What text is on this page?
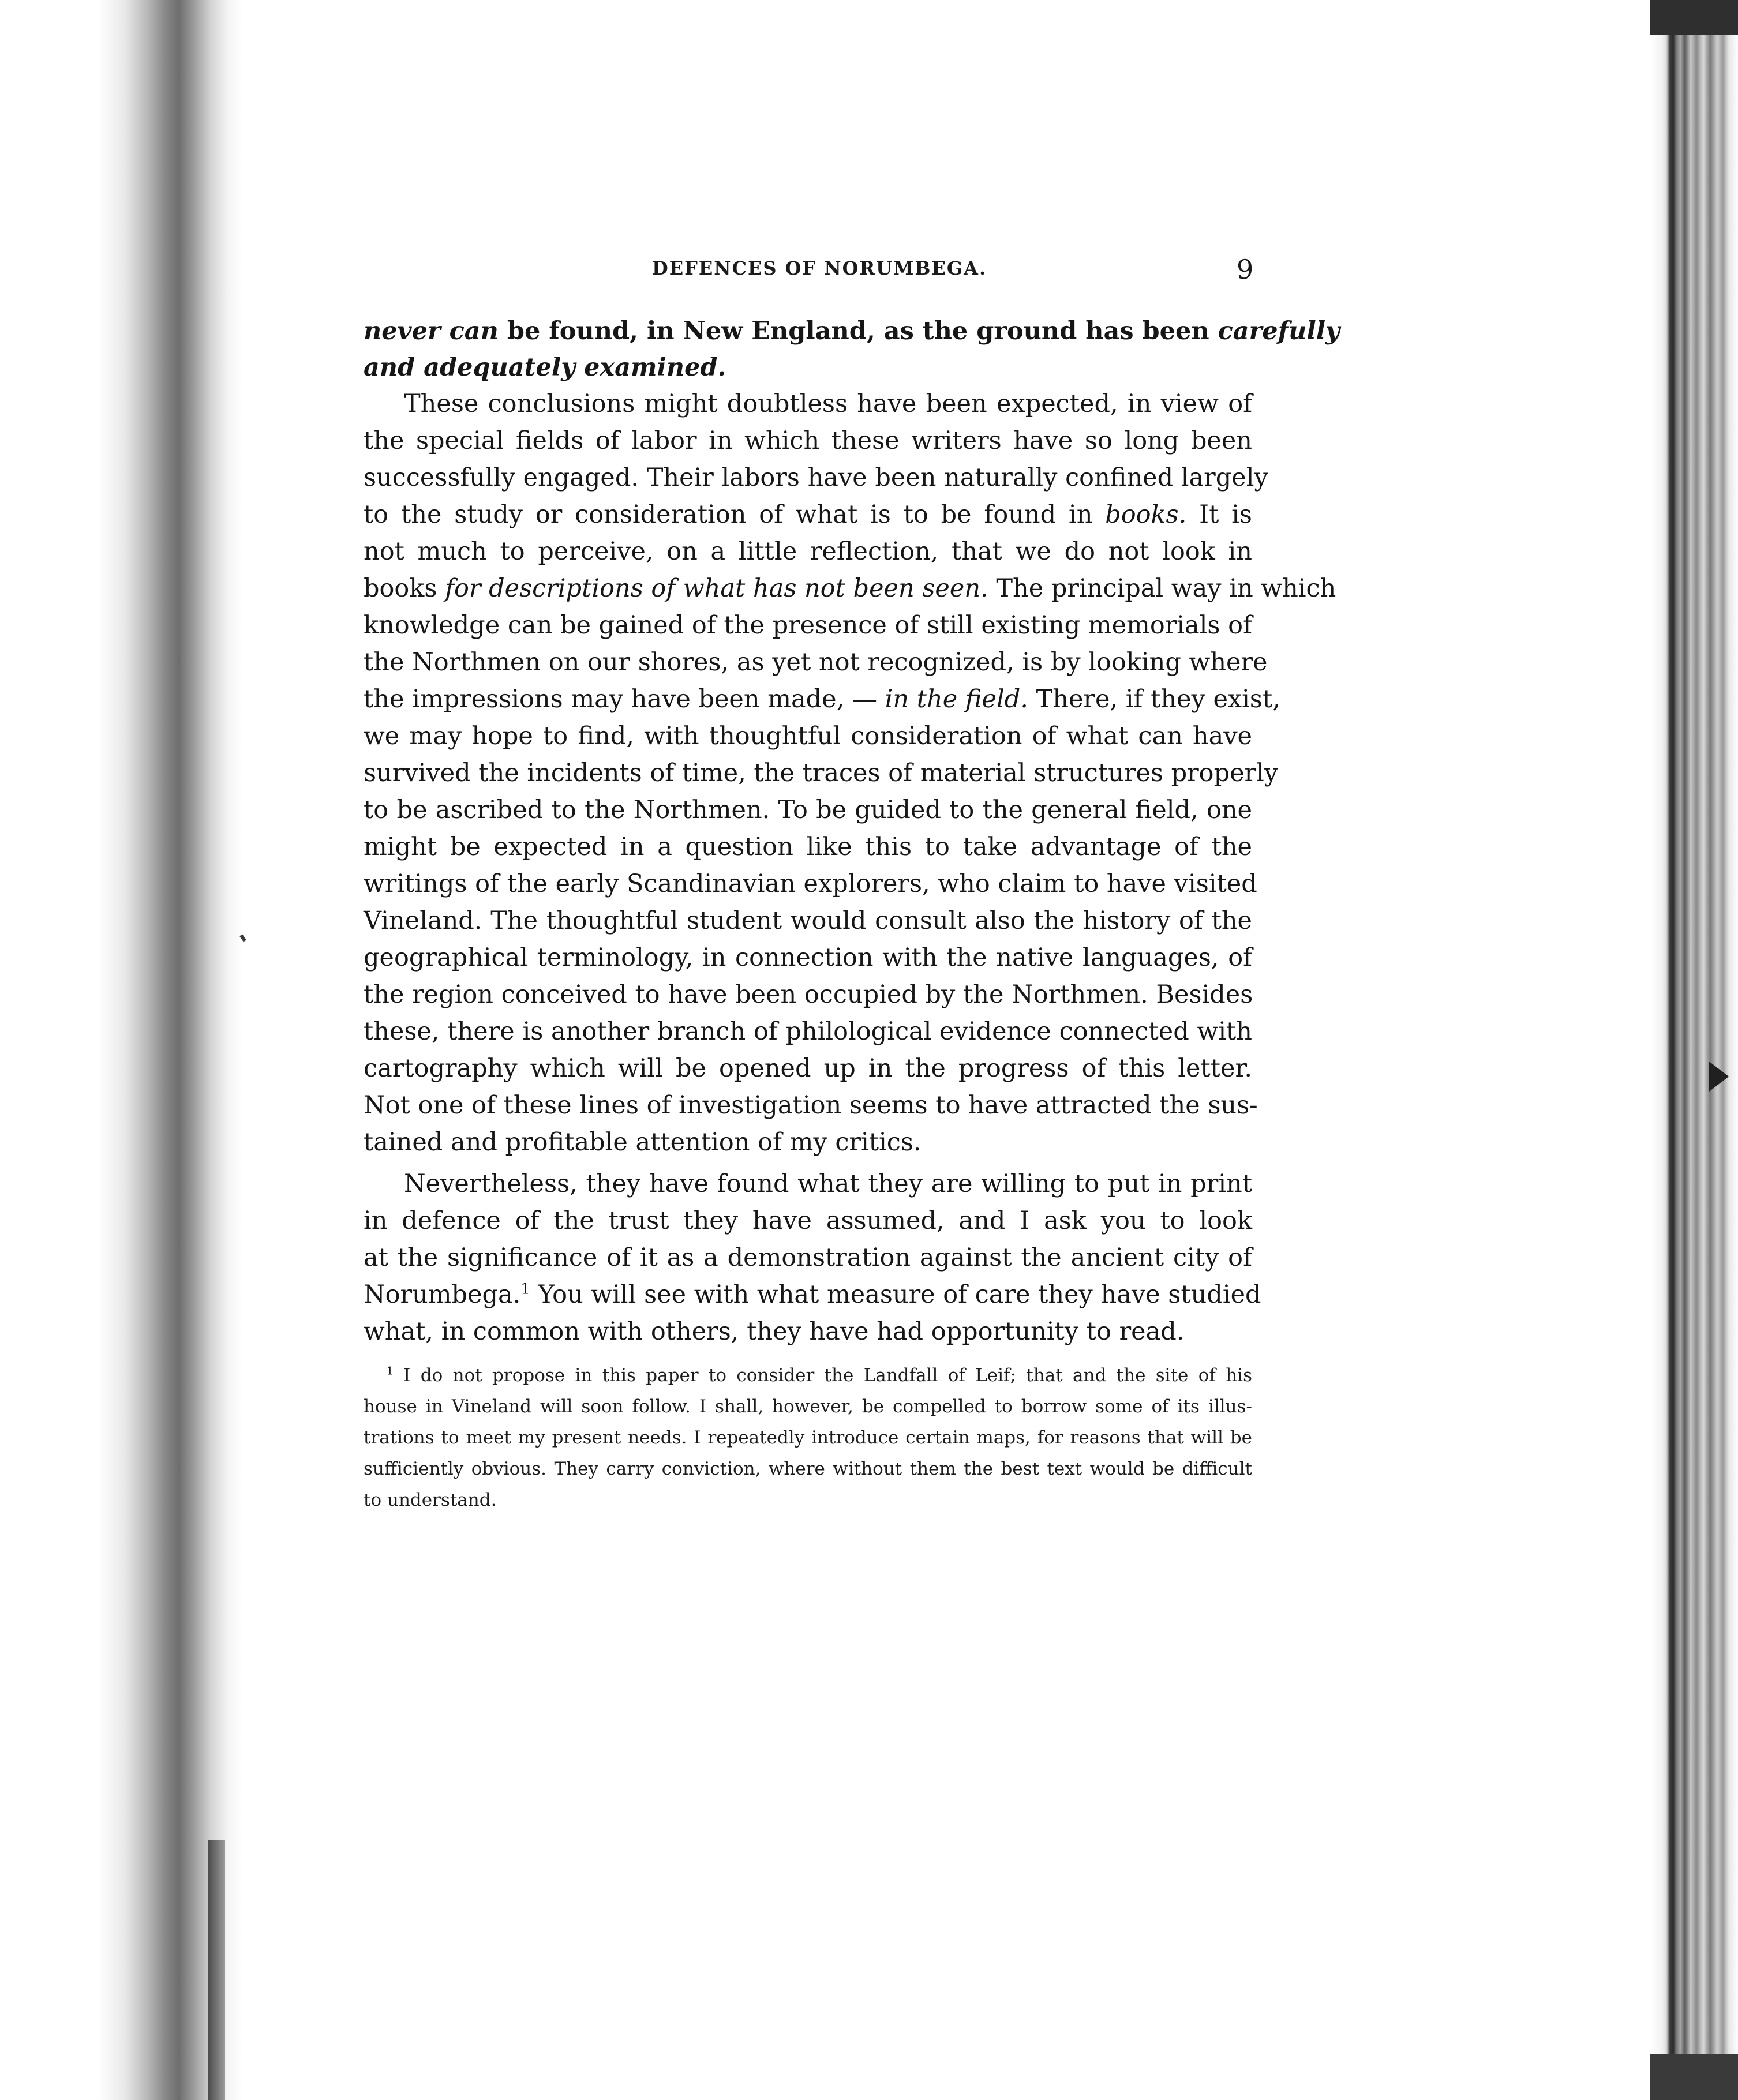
DEFENCES OF NORUMBEGA.	9
never can be found, in New England, as the ground has been carefully
and adequately examined.
These conclusions might doubtless have been expected, in view of
the special fields of labor in which these writers have so long been
successfully engaged. Their labors have been naturally confined largely
to the study or consideration of what is to be found in books. It is
not much to perceive, on a little reflection, that we do not look in
books for descriptions of what has not been seen. The principal way in which
knowledge can be gained of the presence of still existing memorials of
the Northmen on our shores, as yet not recognized, is by looking where
the impressions may have been made, — in the field. There, if they exist,
we may hope to find, with thoughtful consideration of what can have
survived the incidents of time, the traces of material structures properly
to be ascribed to the Northmen. To be guided to the general field, one
might be expected in a question like this to take advantage of the
writings of the early Scandinavian explorers, who claim to have visited
Vineland. The thoughtful student would consult also the history of the
geographical terminology, in connection with the native languages, of
the region conceived to have been occupied by the Northmen. Besides
these, there is another branch of philological evidence connected with
cartography which will be opened up in the progress of this letter.
Not one of these lines of investigation seems to have attracted the sus-
tained and profitable attention of my critics.
Nevertheless, they have found what they are willing to put in print
in defence of the trust they have assumed, and I ask you to look
at the significance of it as a demonstration against the ancient city of
Norumbega.$^1$ You will see with what measure of care they have studied
what, in common with others, they have had opportunity to read.
$^1$ I do not propose in this paper to consider the Landfall of Leif; that and the site of his
house in Vineland will soon follow. I shall, however, be compelled to borrow some of its illus-
trations to meet my present needs. I repeatedly introduce certain maps, for reasons that will be
sufficiently obvious. They carry conviction, where without them the best text would be difficult
to understand.
